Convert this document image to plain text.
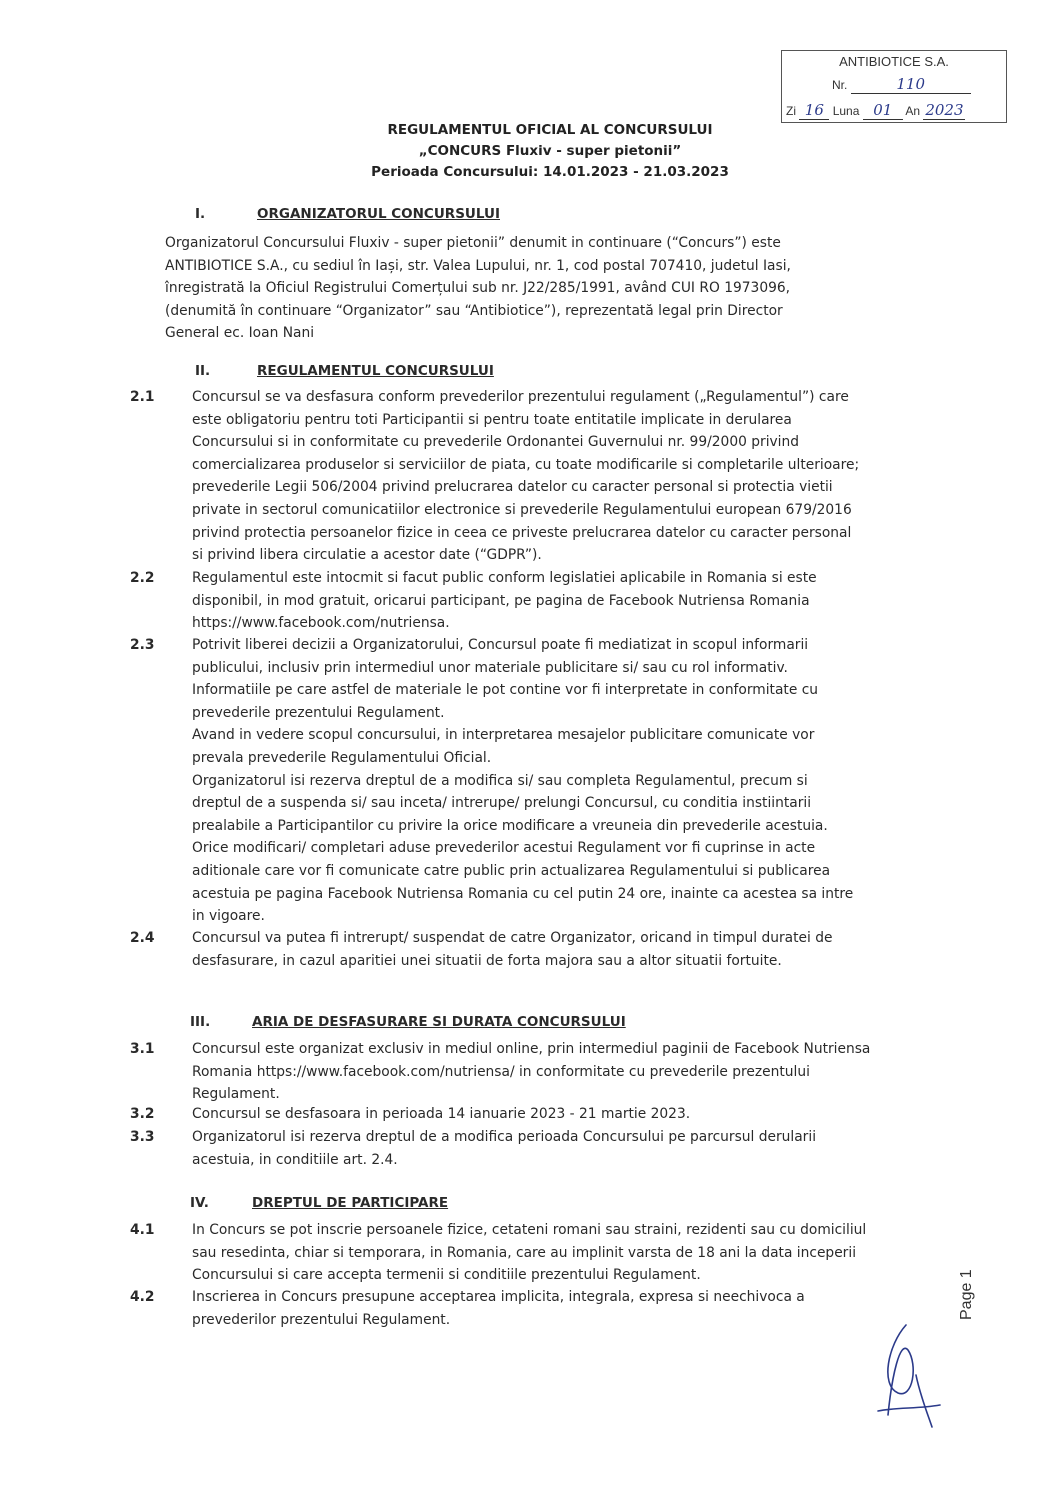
ANTIBIOTICE S.A.
Nr.	110
Zi 16 Luna 01 An 2023
REGULAMENTUL OFICIAL AL CONCURSULUI
„CONCURS Fluxiv - super pietonii”
Perioada Concursului: 14.01.2023 - 21.03.2023
I.	ORGANIZATORUL CONCURSULUI
Organizatorul Concursului Fluxiv - super pietonii” denumit in continuare (“Concurs”) este
ANTIBIOTICE S.A., cu sediul în Iași, str. Valea Lupului, nr. 1, cod postal 707410, judetul Iasi,
înregistrată la Oficiul Registrului Comerțului sub nr. J22/285/1991, având CUI RO 1973096,
(denumită în continuare “Organizator” sau “Antibiotice”), reprezentată legal prin Director
General ec. Ioan Nani
II.	REGULAMENTUL CONCURSULUI
2.1	Concursul se va desfasura conform prevederilor prezentului regulament („Regulamentul”) care
este obligatoriu pentru toti Participantii si pentru toate entitatile implicate in derularea
Concursului si in conformitate cu prevederile Ordonantei Guvernului nr. 99/2000 privind
comercializarea produselor si serviciilor de piata, cu toate modificarile si completarile ulterioare;
prevederile Legii 506/2004 privind prelucrarea datelor cu caracter personal si protectia vietii
private in sectorul comunicatiilor electronice si prevederile Regulamentului european 679/2016
privind protectia persoanelor fizice in ceea ce priveste prelucrarea datelor cu caracter personal
si privind libera circulatie a acestor date (“GDPR”).
2.2	Regulamentul este intocmit si facut public conform legislatiei aplicabile in Romania si este
disponibil, in mod gratuit, oricarui participant, pe pagina de Facebook Nutriensa Romania
https://www.facebook.com/nutriensa.
2.3	Potrivit liberei decizii a Organizatorului, Concursul poate fi mediatizat in scopul informarii
publicului, inclusiv prin intermediul unor materiale publicitare si/ sau cu rol informativ.
Informatiile pe care astfel de materiale le pot contine vor fi interpretate in conformitate cu
prevederile prezentului Regulament.
Avand in vedere scopul concursului, in interpretarea mesajelor publicitare comunicate vor
prevala prevederile Regulamentului Oficial.
Organizatorul isi rezerva dreptul de a modifica si/ sau completa Regulamentul, precum si
dreptul de a suspenda si/ sau inceta/ intrerupe/ prelungi Concursul, cu conditia instiintarii
prealabile a Participantilor cu privire la orice modificare a vreuneia din prevederile acestuia.
Orice modificari/ completari aduse prevederilor acestui Regulament vor fi cuprinse in acte
aditionale care vor fi comunicate catre public prin actualizarea Regulamentului si publicarea
acestuia pe pagina Facebook Nutriensa Romania cu cel putin 24 ore, inainte ca acestea sa intre
in vigoare.
2.4	Concursul va putea fi intrerupt/ suspendat de catre Organizator, oricand in timpul duratei de
desfasurare, in cazul aparitiei unei situatii de forta majora sau a altor situatii fortuite.
III.	ARIA DE DESFASURARE SI DURATA CONCURSULUI
3.1	Concursul este organizat exclusiv in mediul online, prin intermediul paginii de Facebook Nutriensa
Romania https://www.facebook.com/nutriensa/ in conformitate cu prevederile prezentului
Regulament.
3.2	Concursul se desfasoara in perioada 14 ianuarie 2023 - 21 martie 2023.
3.3	Organizatorul isi rezerva dreptul de a modifica perioada Concursului pe parcursul derularii
acestuia, in conditiile art. 2.4.
IV.	DREPTUL DE PARTICIPARE
4.1	In Concurs se pot inscrie persoanele fizice, cetateni romani sau straini, rezidenti sau cu domiciliul
sau resedinta, chiar si temporara, in Romania, care au implinit varsta de 18 ani la data inceperii
Concursului si care accepta termenii si conditiile prezentului Regulament.
4.2	Inscrierea in Concurs presupune acceptarea implicita, integrala, expresa si neechivoca a
prevederilor prezentului Regulament.	Page 1
